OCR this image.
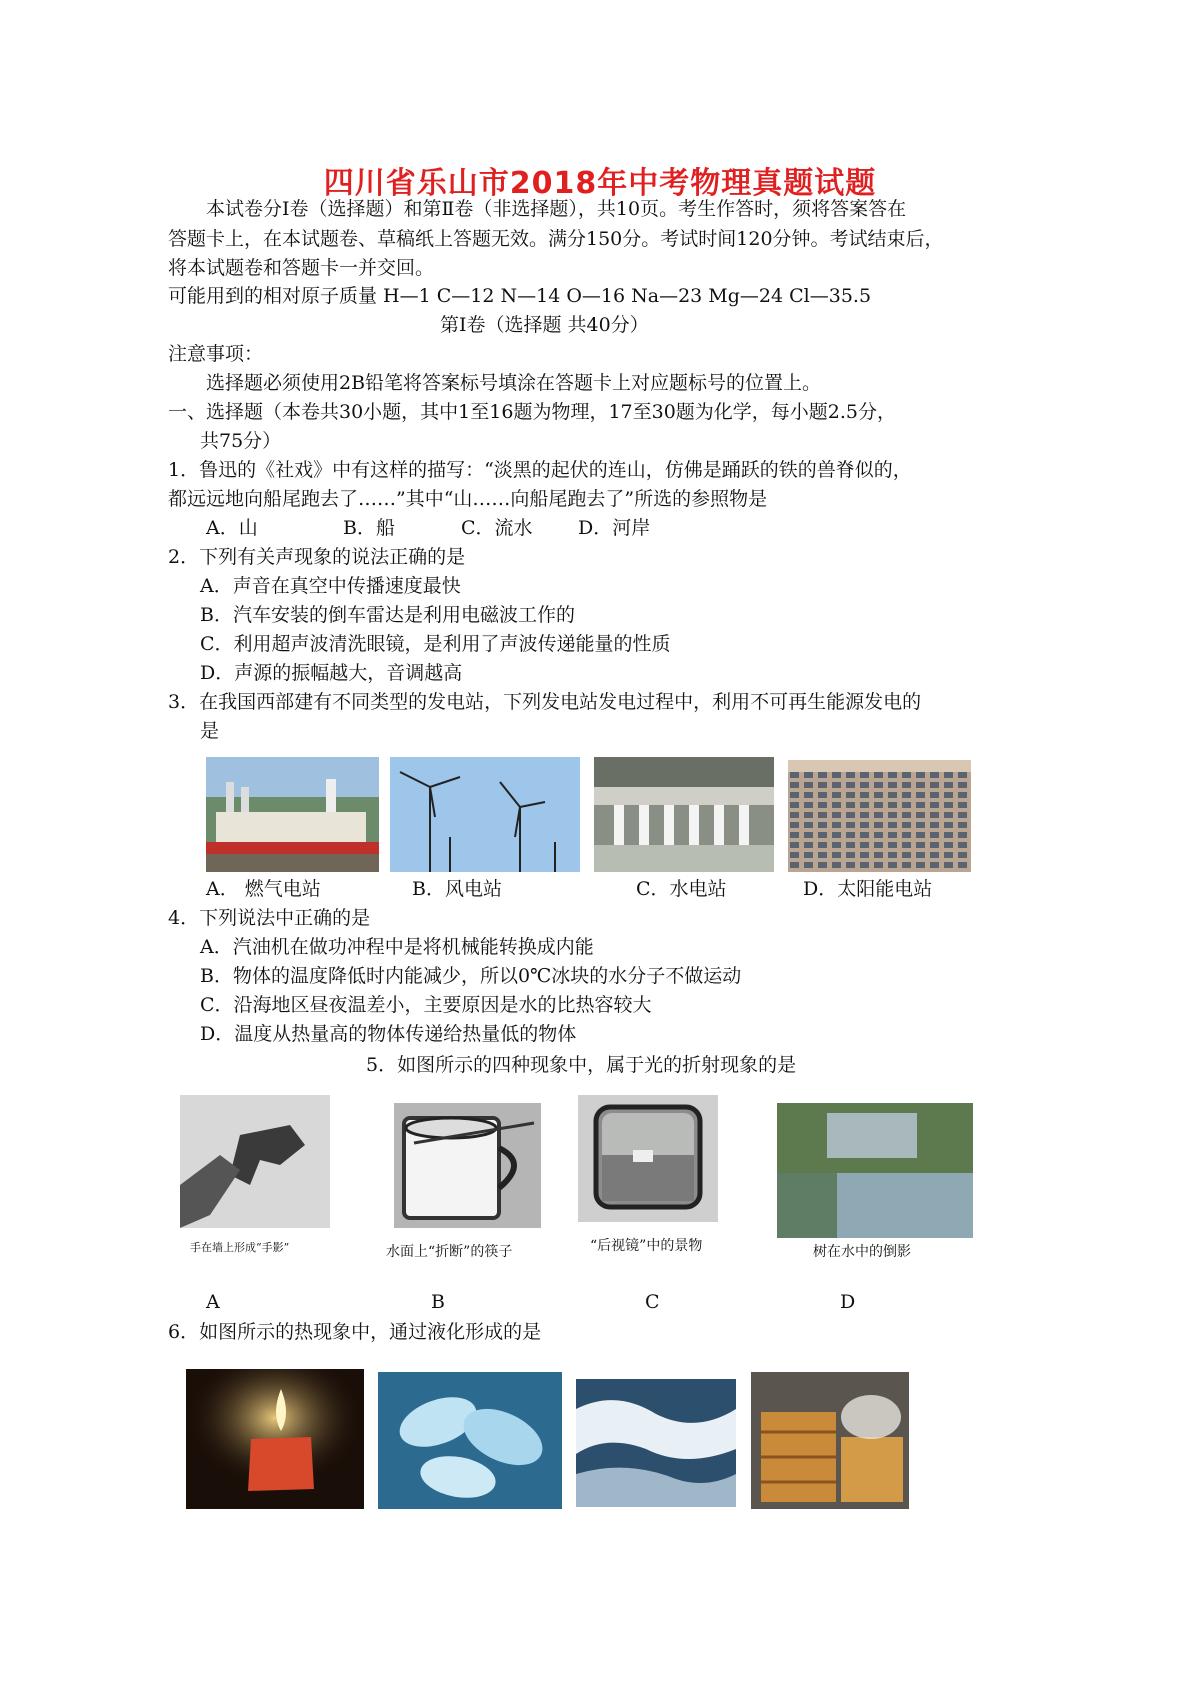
四川省乐山市2018年中考物理真题试题
本试卷分Ⅰ卷（选择题）和第Ⅱ卷（非选择题），共10页。考生作答时，须将答案答在
答题卡上，在本试题卷、草稿纸上答题无效。满分150分。考试时间120分钟。考试结束后，
将本试题卷和答题卡一并交回。
可能用到的相对原子质量 H—1 C—12 N—14 O—16 Na—23 Mg—24 Cl—35.5
第Ⅰ卷（选择题 共40分）
注意事项：
选择题必须使用2B铅笔将答案标号填涂在答题卡上对应题标号的位置上。
一、选择题（本卷共30小题，其中1至16题为物理，17至30题为化学，每小题2.5分，
共75分）
1．鲁迅的《社戏》中有这样的描写：“淡黑的起伏的连山，仿佛是踊跃的铁的兽脊似的，
都远远地向船尾跑去了……”其中“山……向船尾跑去了”所选的参照物是
A．山	B．船	C．流水 D．河岸
2．下列有关声现象的说法正确的是
A．声音在真空中传播速度最快
B．汽车安装的倒车雷达是利用电磁波工作的
C．利用超声波清洗眼镜，是利用了声波传递能量的性质
D．声源的振幅越大，音调越高
3．在我国西部建有不同类型的发电站，下列发电站发电过程中，利用不可再生能源发电的
是
A． 燃气电站	B．风电站	C．水电站	D．太阳能电站
4．下列说法中正确的是
A．汽油机在做功冲程中是将机械能转换成内能
B．物体的温度降低时内能减少，所以0℃冰块的水分子不做运动
C．沿海地区昼夜温差小，主要原因是水的比热容较大
D．温度从热量高的物体传递给热量低的物体
5．如图所示的四种现象中，属于光的折射现象的是
手在墙上形成“手影”	水面上“折断”的筷子	“后视镜”中的景物	树在水中的倒影
A	B	C	D
6．如图所示的热现象中，通过液化形成的是
